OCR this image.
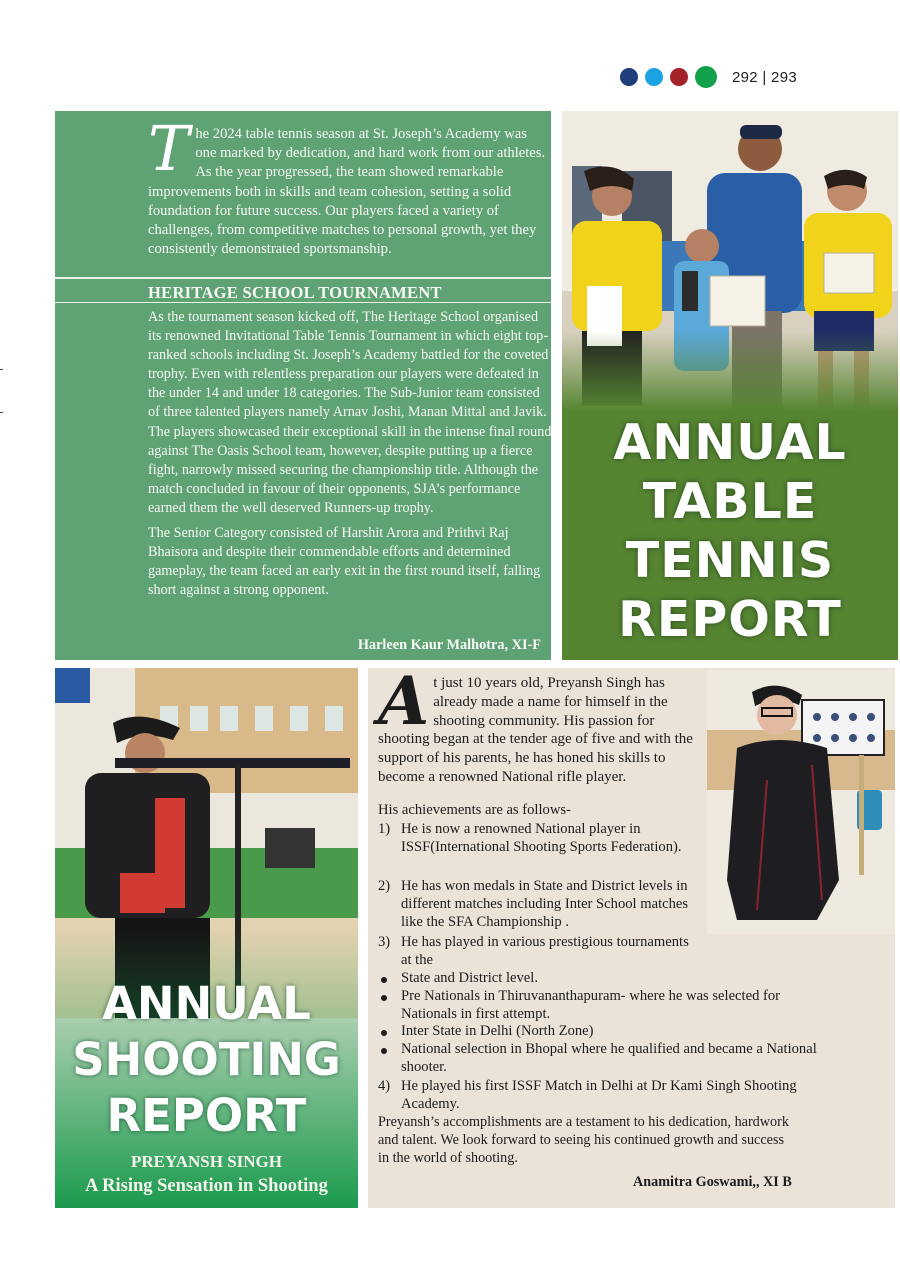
292 | 293
T he 2024 table tennis season at St. Joseph’s Academy was one marked by dedication, and hard work from our athletes. As the year progressed, the team showed remarkable improvements both in skills and team cohesion, setting a solid foundation for future success. Our players faced a variety of challenges, from competitive matches to personal growth, yet they consistently demonstrated sportsmanship.
HERITAGE SCHOOL TOURNAMENT

As the tournament season kicked off, The Heritage School organised its renowned Invitational Table Tennis Tournament in which eight top-ranked schools including St. Joseph’s Academy battled for the coveted trophy. Even with relentless preparation our players were defeated in the under 14 and under 18 categories. The Sub-Junior team consisted of three talented players namely Arnav Joshi, Manan Mittal and Javik. The players showcased their exceptional skill in the intense final round against The Oasis School team, however, despite putting up a fierce fight, narrowly missed securing the championship title. Although the match concluded in favour of their opponents, SJA’s performance earned them the well deserved Runners-up trophy.

The Senior Category consisted of Harshit Arora and Prithvi Raj Bhaisora and despite their commendable efforts and determined gameplay, the team faced an early exit in the first round itself, falling short against a strong opponent.

Harleen Kaur Malhotra, XI-F
ANNUAL
TABLE
TENNIS
REPORT
ANNUAL
SHOOTING
REPORT
PREYANSH SINGH
A Rising Sensation in Shooting
A t just 10 years old, Preyansh Singh has already made a name for himself in the shooting community. His passion for shooting began at the tender age of five and with the support of his parents, he has honed his skills to become a renowned National rifle player.
His achievements are as follows-
1) He is now a renowned National player in ISSF(International Shooting Sports Federation).
2) He has won medals in State and District levels in different matches including Inter School matches like the SFA Championship .
3) He has played in various prestigious tournaments at the
State and District level.
Pre Nationals in Thiruvananthapuram- where he was selected for Nationals in first attempt.
Inter State in Delhi (North Zone)
National selection in Bhopal where he qualified and became a National shooter.
4) He played his first ISSF Match in Delhi at Dr Kami Singh Shooting Academy.
Preyansh’s accomplishments are a testament to his dedication, hardwork and talent. We look forward to seeing his continued growth and success in the world of shooting.
Anamitra Goswami,, XI B
